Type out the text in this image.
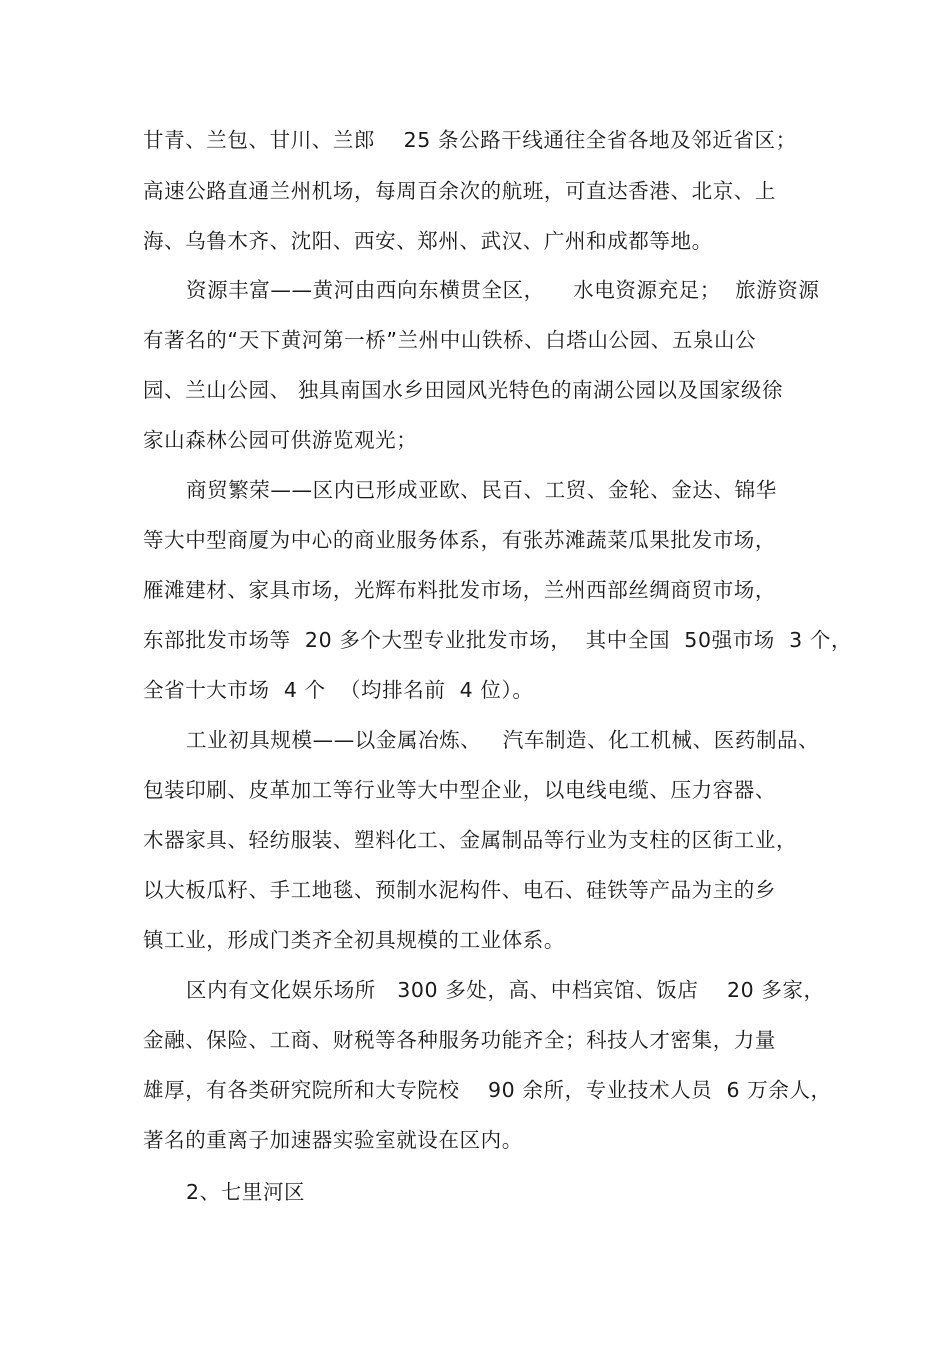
甘青、兰包、甘川、兰郎    25 条公路干线通往全省各地及邻近省区；
高速公路直通兰州机场，每周百余次的航班，可直达香港、北京、上
海、乌鲁木齐、沈阳、西安、郑州、武汉、广州和成都等地。
资源丰富——黄河由西向东横贯全区，    水电资源充足；  旅游资源
有著名的“天下黄河第一桥”兰州中山铁桥、白塔山公园、五泉山公
园、兰山公园、 独具南国水乡田园风光特色的南湖公园以及国家级徐
家山森林公园可供游览观光；
商贸繁荣——区内已形成亚欧、民百、工贸、金轮、金达、锦华
等大中型商厦为中心的商业服务体系，有张苏滩蔬菜瓜果批发市场，
雁滩建材、家具市场，光辉布料批发市场，兰州西部丝绸商贸市场，
东部批发市场等  20 多个大型专业批发市场，  其中全国  50强市场  3 个，
全省十大市场  4 个  （均排名前  4 位）。
工业初具规模——以金属冶炼、   汽车制造、化工机械、医药制品、
包装印刷、皮革加工等行业等大中型企业，以电线电缆、压力容器、
木器家具、轻纺服装、塑料化工、金属制品等行业为支柱的区街工业，
以大板瓜籽、手工地毯、预制水泥构件、电石、硅铁等产品为主的乡
镇工业，形成门类齐全初具规模的工业体系。
区内有文化娱乐场所   300 多处，高、中档宾馆、饭店    20 多家，
金融、保险、工商、财税等各种服务功能齐全；科技人才密集，力量
雄厚，有各类研究院所和大专院校    90 余所，专业技术人员  6 万余人，
著名的重离子加速器实验室就设在区内。
2、七里河区
